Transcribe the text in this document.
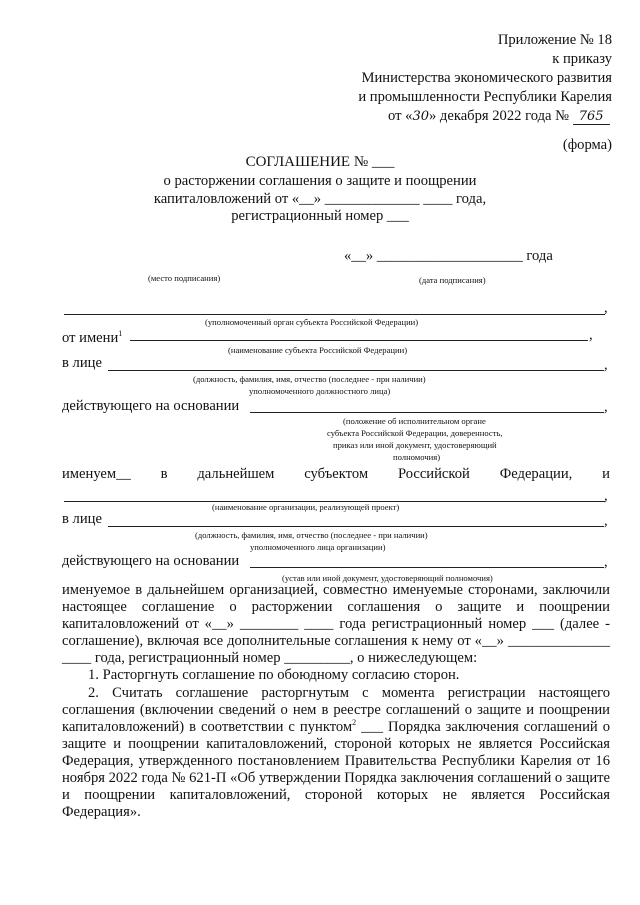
Приложение № 18
к приказу
Министерства экономического развития
и промышленности Республики Карелия
от «30» декабря 2022 года № 765
(форма)
СОГЛАШЕНИЕ № ___
о расторжении соглашения о защите и поощрении
капиталовложений от «__» _____________ ____ года,
регистрационный номер ___
«__» ____________________ года
(место подписания)	(дата подписания)
,
(уполномоченный орган субъекта Российской Федерации)
от имени$^1$	,
(наименование субъекта Российской Федерации)
в лице	,
(должность, фамилия, имя, отчество (последнее - при наличии)
уполномоченного должностного лица)
действующего на основании	,
(положение об исполнительном органе
субъекта Российской Федерации, доверенность,
приказ или иной документ, удостоверяющий
полномочия)
именуем__ в дальнейшем субъектом Российской Федерации, и
,
(наименование организации, реализующей проект)
в лице	,
(должность, фамилия, имя, отчество (последнее - при наличии)
уполномоченного лица организации)
действующего на основании	,
(устав или иной документ, удостоверяющий полномочия)

именуемое в дальнейшем организацией, совместно именуемые сторонами, заключили настоящее соглашение о расторжении соглашения о защите и поощрении капиталовложений от «__» ________ ____ года регистрационный номер ___ (далее - соглашение), включая все дополнительные соглашения к нему от «__» ______________ ____ года, регистрационный номер _________, о нижеследующем:

1. Расторгнуть соглашение по обоюдному согласию сторон.

2. Считать соглашение расторгнутым с момента регистрации настоящего соглашения (включении сведений о нем в реестре соглашений о защите и поощрении капиталовложений) в соответствии с пунктом$^2$ ___ Порядка заключения соглашений о защите и поощрении капиталовложений, стороной которых не является Российская Федерация, утвержденного постановлением Правительства Республики Карелия от 16 ноября 2022 года № 621-П «Об утверждении Порядка заключения соглашений о защите и поощрении капиталовложений, стороной которых не является Российская Федерация».
